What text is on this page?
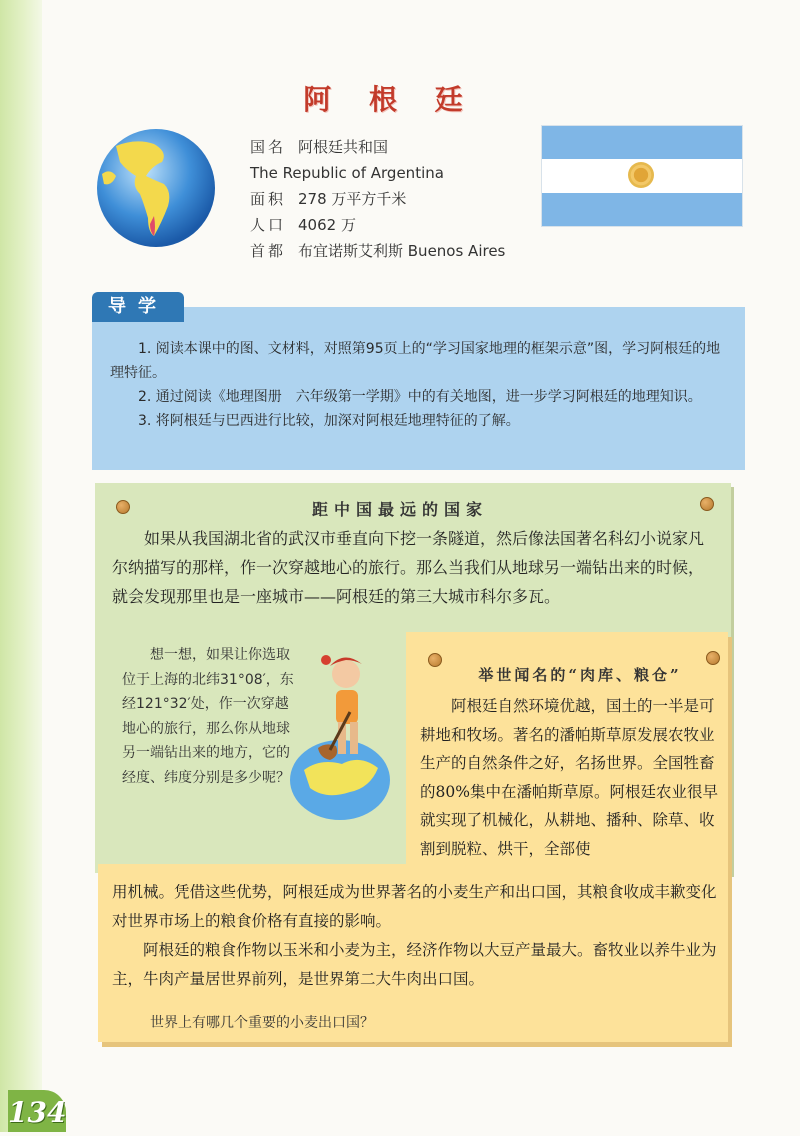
阿 根 廷
国名 阿根廷共和国
The Republic of Argentina
面积 278 万平方千米
人口 4062 万
首都 布宜诺斯艾利斯 Buenos Aires

1. 阅读本课中的图、文材料，对照第95页上的“学习国家地理的框架示意”图，学习阿根廷的地理特征。

2. 通过阅读《地理图册　六年级第一学期》中的有关地图，进一步学习阿根廷的地理知识。

3. 将阿根廷与巴西进行比较，加深对阿根廷地理特征的了解。

导学
距中国最远的国家

如果从我国湖北省的武汉市垂直向下挖一条隧道，然后像法国著名科幻小说家凡尔纳描写的那样，作一次穿越地心的旅行。那么当我们从地球另一端钻出来的时候，就会发现那里也是一座城市——阿根廷的第三大城市科尔多瓦。

想一想，如果让你选取位于上海的北纬31°08′，东经121°32′处，作一次穿越地心的旅行，那么你从地球另一端钻出来的地方，它的经度、纬度分别是多少呢？

举世闻名的“肉库、粮仓”

阿根廷自然环境优越，国土的一半是可耕地和牧场。著名的潘帕斯草原发展农牧业生产的自然条件之好，名扬世界。全国牲畜的80%集中在潘帕斯草原。阿根廷农业很早就实现了机械化，从耕地、播种、除草、收割到脱粒、烘干，全部使

用机械。凭借这些优势，阿根廷成为世界著名的小麦生产和出口国，其粮食收成丰歉变化对世界市场上的粮食价格有直接的影响。

阿根廷的粮食作物以玉米和小麦为主，经济作物以大豆产量最大。畜牧业以养牛业为主，牛肉产量居世界前列，是世界第二大牛肉出口国。

世界上有哪几个重要的小麦出口国？
134
